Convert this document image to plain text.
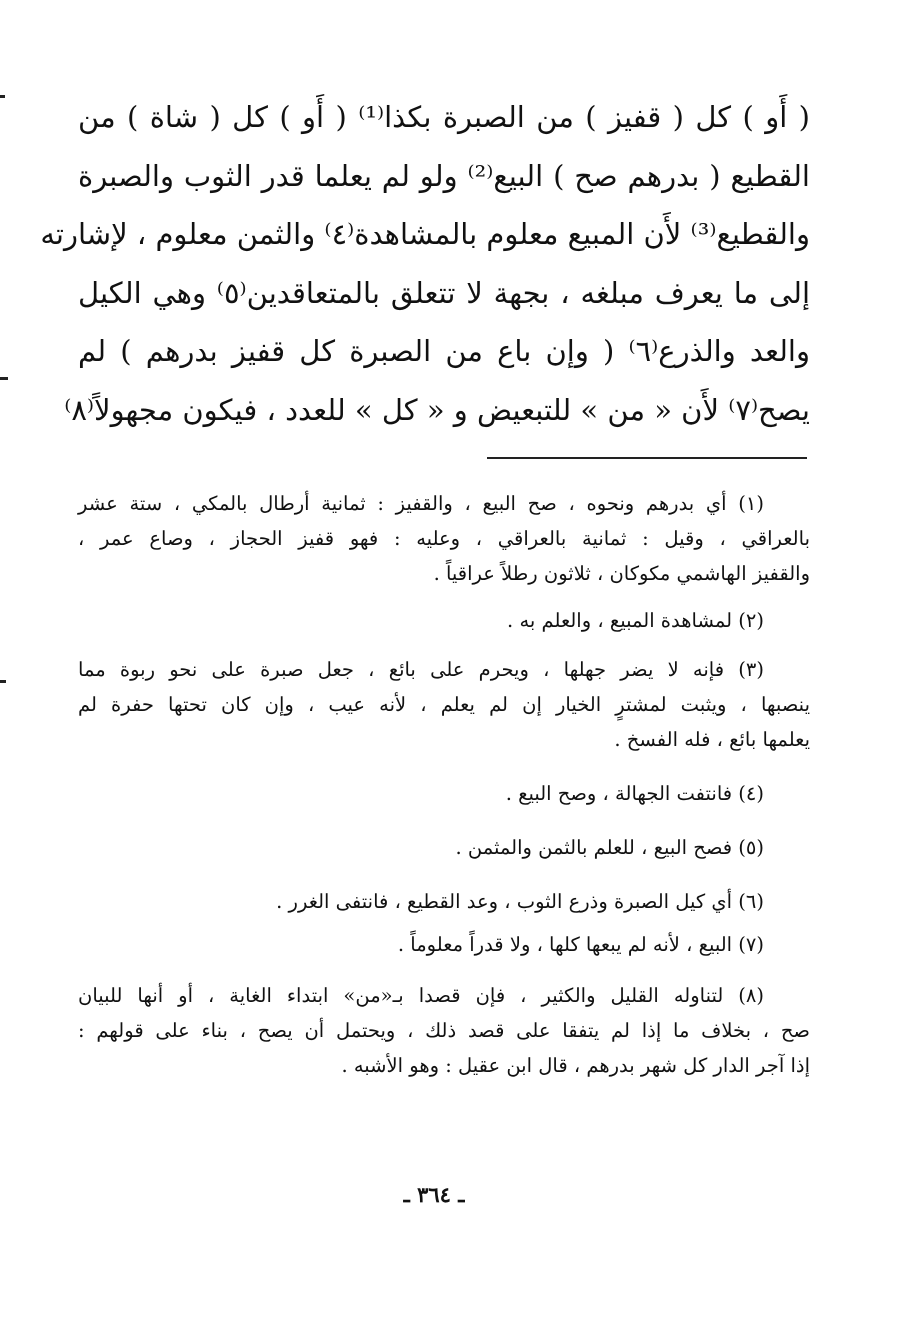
( أَو ) كل ( قفيز ) من الصبرة بكذا⁽¹⁾ ( أَو ) كل ( شاة ) من
القطيع ( بدرهم صح ) البيع⁽²⁾ ولو لم يعلما قدر الثوب والصبرة
والقطيع⁽³⁾ لأَن المبيع معلوم بالمشاهدة⁽٤⁾ والثمن معلوم ، لإشارته
إلى ما يعرف مبلغه ، بجهة لا تتعلق بالمتعاقدين⁽٥⁾ وهي الكيل
والعد والذرع⁽٦⁾ ( وإن باع من الصبرة كل قفيز بدرهم ) لم
يصح⁽٧⁾ لأَن « من » للتبعيض و « كل » للعدد ، فيكون مجهولاً⁽٨⁾
(١) أي بدرهم ونحوه ، صح البيع ، والقفيز : ثمانية أرطال بالمكي ، ستة عشر
بالعراقي ، وقيل : ثمانية بالعراقي ، وعليه : فهو قفيز الحجاز ، وصاع عمر ،
والقفيز الهاشمي مكوكان ، ثلاثون رطلاً عراقياً .
(٢) لمشاهدة المبيع ، والعلم به .
(٣) فإنه لا يضر جهلها ، ويحرم على بائع ، جعل صبرة على نحو ربوة مما
ينصبها ، ويثبت لمشترٍ الخيار إن لم يعلم ، لأنه عيب ، وإن كان تحتها حفرة لم
يعلمها بائع ، فله الفسخ .
(٤) فانتفت الجهالة ، وصح البيع .
(٥) فصح البيع ، للعلم بالثمن والمثمن .
(٦) أي كيل الصبرة وذرع الثوب ، وعد القطيع ، فانتفى الغرر .
(٧) البيع ، لأنه لم يبعها كلها ، ولا قدراً معلوماً .
(٨) لتناوله القليل والكثير ، فإن قصدا بـ«من» ابتداء الغاية ، أو أنها للبيان
صح ، بخلاف ما إذا لم يتفقا على قصد ذلك ، ويحتمل أن يصح ، بناء على قولهم :
إذا آجر الدار كل شهر بدرهم ، قال ابن عقيل : وهو الأشبه .
ـ ٣٦٤ ـ
